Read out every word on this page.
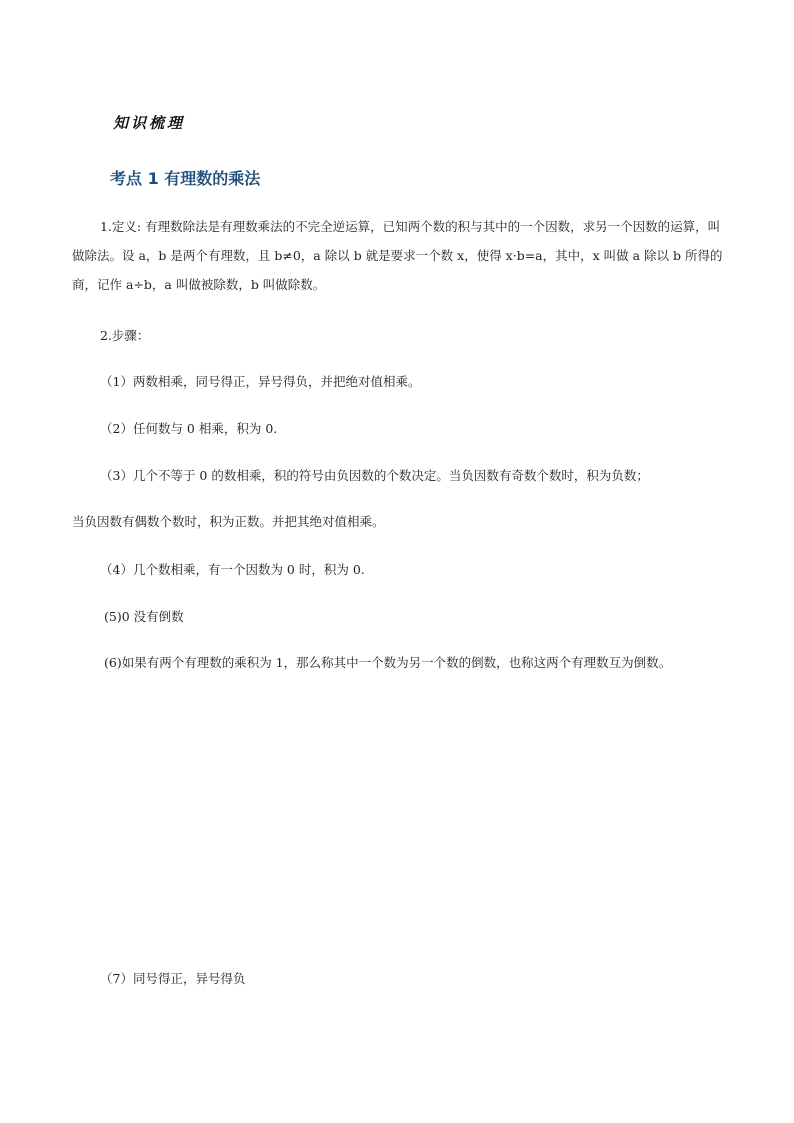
知识梳理
考点 1 有理数的乘法

1.定义: 有理数除法是有理数乘法的不完全逆运算，已知两个数的积与其中的一个因数，求另一个因数的运算，叫做除法。设 a，b 是两个有理数，且 b≠0，a 除以 b 就是要求一个数 x，使得 x·b=a，其中，x 叫做 a 除以 b 所得的商，记作 a÷b，a 叫做被除数，b 叫做除数。

2.步骤：
（1）两数相乘，同号得正，异号得负，并把绝对值相乘。
（2）任何数与 0 相乘，积为 0.
（3）几个不等于 0 的数相乘，积的符号由负因数的个数决定。当负因数有奇数个数时，积为负数；
当负因数有偶数个数时，积为正数。并把其绝对值相乘。
（4）几个数相乘，有一个因数为 0 时，积为 0.
(5)0 没有倒数
(6)如果有两个有理数的乘积为 1，那么称其中一个数为另一个数的倒数，也称这两个有理数互为倒数。
（7）同号得正，异号得负
